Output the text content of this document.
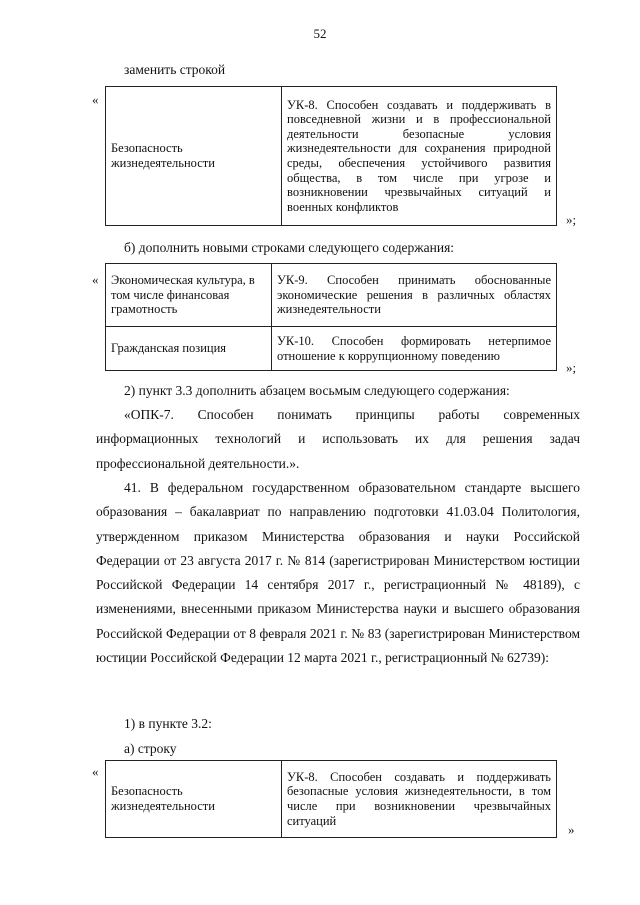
52
заменить строкой
«
Безопасность жизнедеятельности	УК-8. Способен создавать и поддерживать в повседневной жизни и в профессиональной деятельности безопасные условия жизнедеятельности для сохранения природной среды, обеспечения устойчивого развития общества, в том числе при угрозе и возникновении чрезвычайных ситуаций и военных конфликтов
»;
б) дополнить новыми строками следующего содержания:
« Экономическая культура, в том числе финансовая грамотность	УК-9. Способен принимать обоснованные экономические решения в различных областях жизнедеятельности
Гражданская позиция	УК-10. Способен формировать нетерпимое отношение к коррупционному поведению
»;
2) пункт 3.3 дополнить абзацем восьмым следующего содержания:
«ОПК-7. Способен понимать принципы работы современных информационных технологий и использовать их для решения задач профессиональной деятельности.».
41. В федеральном государственном образовательном стандарте высшего образования – бакалавриат по направлению подготовки 41.03.04 Политология, утвержденном приказом Министерства образования и науки Российской Федерации от 23 августа 2017 г. № 814 (зарегистрирован Министерством юстиции Российской Федерации 14 сентября 2017 г., регистрационный № 48189), с изменениями, внесенными приказом Министерства науки и высшего образования Российской Федерации от 8 февраля 2021 г. № 83 (зарегистрирован Министерством юстиции Российской Федерации 12 марта 2021 г., регистрационный № 62739):
1) в пункте 3.2:
а) строку
«
Безопасность жизнедеятельности	УК-8. Способен создавать и поддерживать безопасные условия жизнедеятельности, в том числе при возникновении чрезвычайных ситуаций
»
